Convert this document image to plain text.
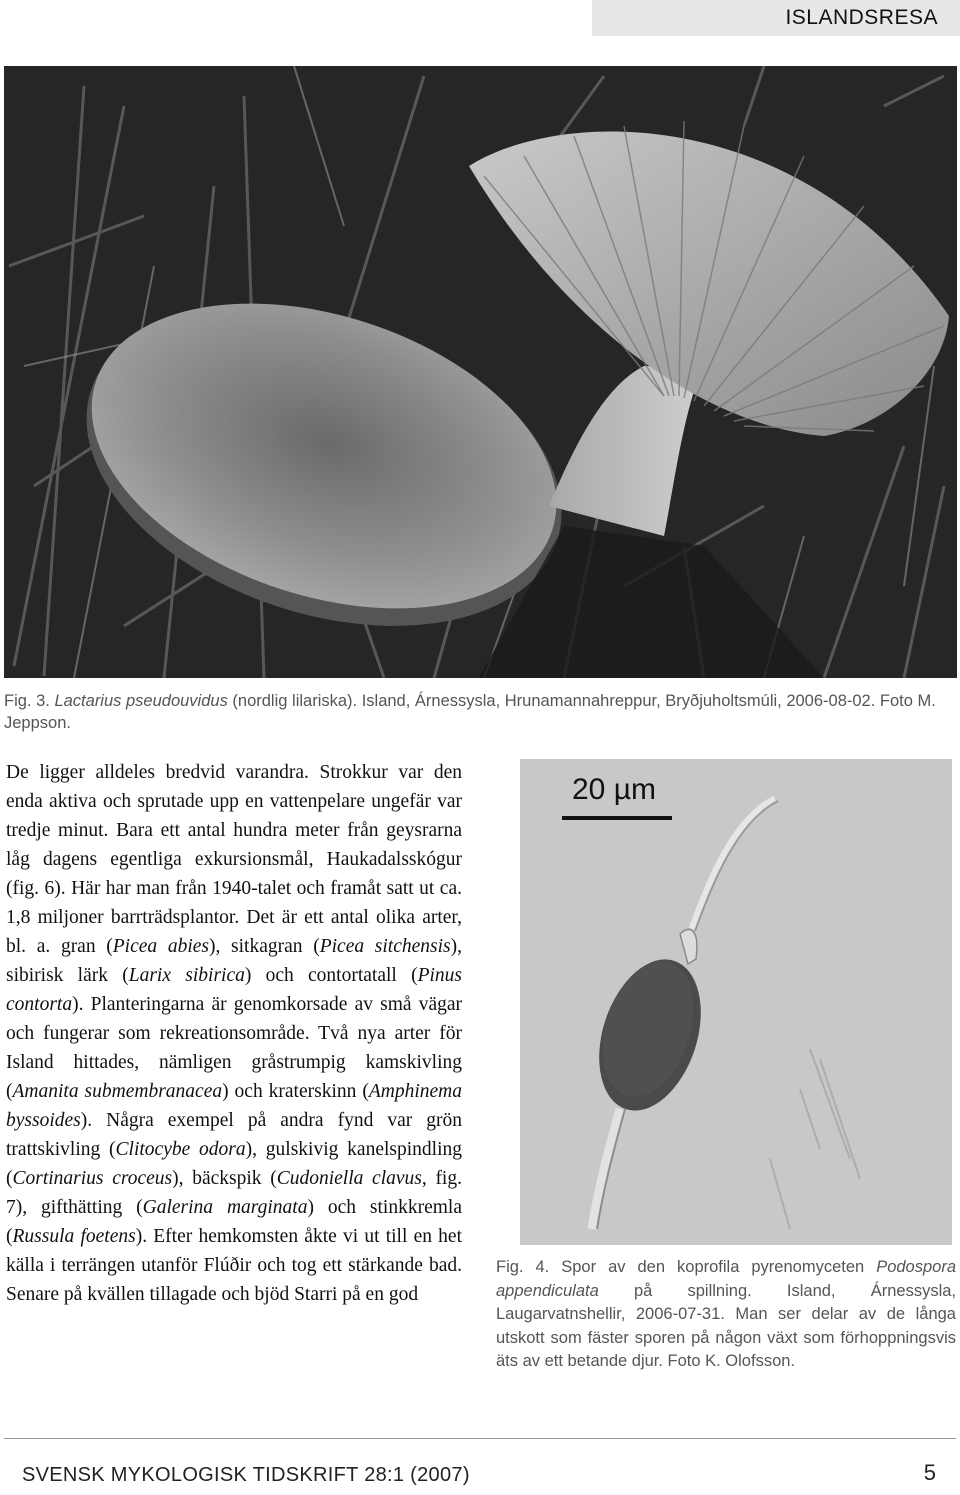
ISLANDSRESA
Fig. 3. Lactarius pseudouvidus (nordlig lilariska). Island, Árnessysla, Hrunamannahreppur, Bryðjuholtsmúli, 2006-08-02. Foto M. Jeppson.

De ligger alldeles bredvid varandra. Strokkur var den enda aktiva och sprutade upp en vattenpelare ungefär var tredje minut. Bara ett antal hundra meter från geysrarna låg dagens egentliga exkursionsmål, Haukadalsskógur (fig. 6). Här har man från 1940-talet och framåt satt ut ca. 1,8 miljoner barrträdsplantor. Det är ett antal olika arter, bl. a. gran (Picea abies), sitkagran (Picea sitchensis), sibirisk lärk (Larix sibirica) och contortatall (Pinus contorta). Planteringarna är genomkorsade av små vägar och fungerar som rekreationsområde. Två nya arter för Island hittades, nämligen gråstrumpig kamskivling (Amanita submembranacea) och kraterskinn (Amphinema byssoides). Några exempel på andra fynd var grön trattskivling (Clitocybe odora), gulskivig kanelspindling (Cortinarius croceus), bäckspik (Cudoniella clavus, fig. 7), gifthätting (Galerina marginata) och stinkkremla (Russula foetens). Efter hemkomsten åkte vi ut till en het källa i terrängen utanför Flúðir och tog ett stärkande bad. Senare på kvällen tillagade och bjöd Starri på en god

20 µm
Fig. 4. Spor av den koprofila pyrenomyceten Podospora appendiculata på spillning. Island, Árnessysla, Laugarvatnshellir, 2006-07-31. Man ser delar av de långa utskott som fäster sporen på någon växt som förhoppningsvis äts av ett betande djur. Foto K. Olofsson.
SVENSK MYKOLOGISK TIDSKRIFT 28:1 (2007)	5
